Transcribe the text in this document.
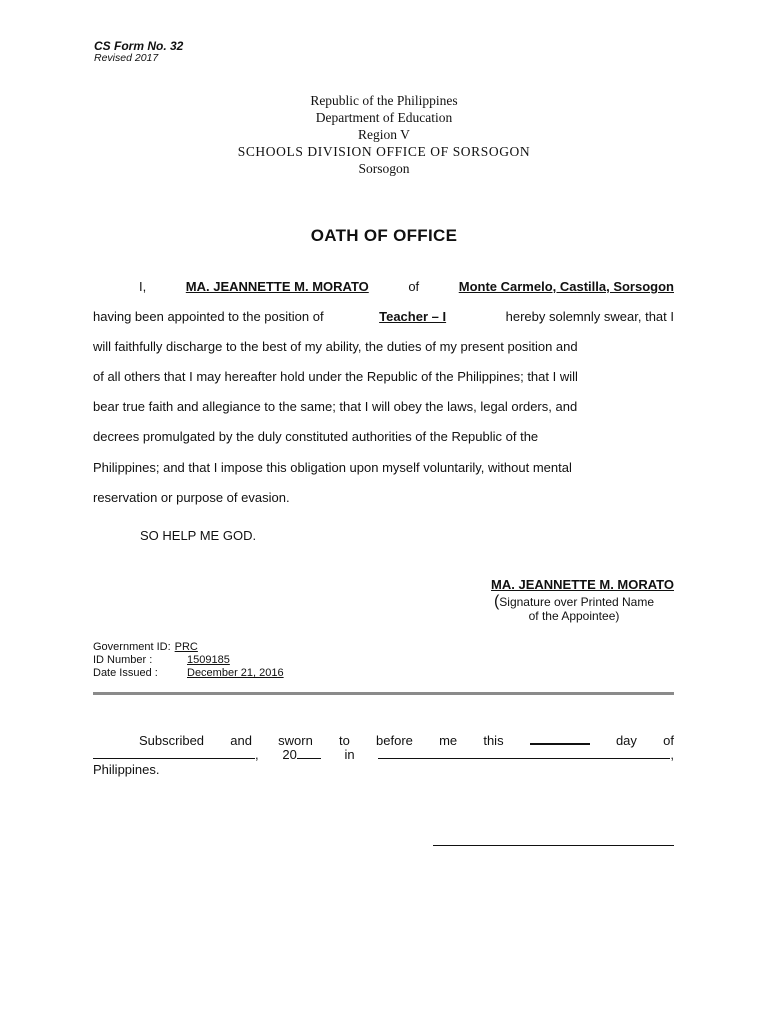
CS Form No. 32
Revised 2017
Republic of the Philippines
Department of Education
Region V
SCHOOLS DIVISION OFFICE OF SORSOGON
Sorsogon
OATH OF OFFICE
I,	MA. JEANNETTE M. MORATO	of	Monte Carmelo, Castilla, Sorsogon
having been appointed to the position of	Teacher – I	hereby solemnly swear, that I
will faithfully discharge to the best of my ability, the duties of my present position and
of all others that I may hereafter hold under the Republic of the Philippines; that I will
bear true faith and allegiance to the same; that I will obey the laws, legal orders, and
decrees promulgated by the duly constituted authorities of the Republic of the
Philippines; and that I impose this obligation upon myself voluntarily, without mental
reservation or purpose of evasion.
SO HELP ME GOD.
MA. JEANNETTE M. MORATO
(Signature over Printed Name
of the Appointee)
Government ID: PRC
ID Number :	1509185
Date Issued :	December 21, 2016
Subscribed and sworn to before me this	day of
, 20	in	,
Philippines.
